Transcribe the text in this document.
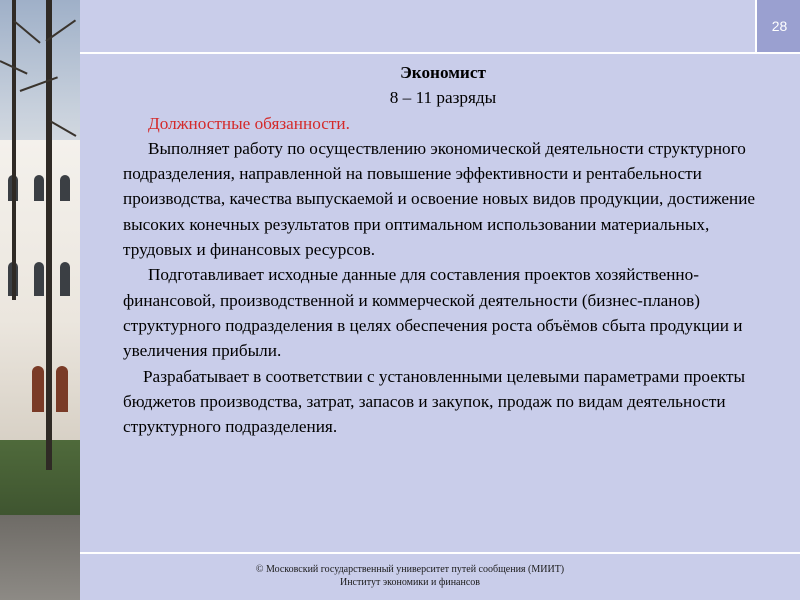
28
Экономист
8 – 11 разряды
Должностные обязанности.

Выполняет работу по осуществлению экономической деятельности структурного подразделения, направленной на повышение эффективности и рентабельности производства, качества выпускаемой и освоение новых видов продукции, достижение высоких конечных результатов при оптимальном использовании материальных, трудовых и финансовых ресурсов.

Подготавливает исходные данные для составления проектов хозяйственно-финансовой, производственной и коммерческой деятельности (бизнес-планов) структурного подразделения в целях обеспечения роста объёмов сбыта продукции и увеличения прибыли.

Разрабатывает в соответствии с установленными целевыми параметрами проекты бюджетов производства, затрат, запасов и закупок, продаж по видам деятельности структурного подразделения.

© Московский государственный университет путей сообщения (МИИТ)
Институт экономики и финансов
